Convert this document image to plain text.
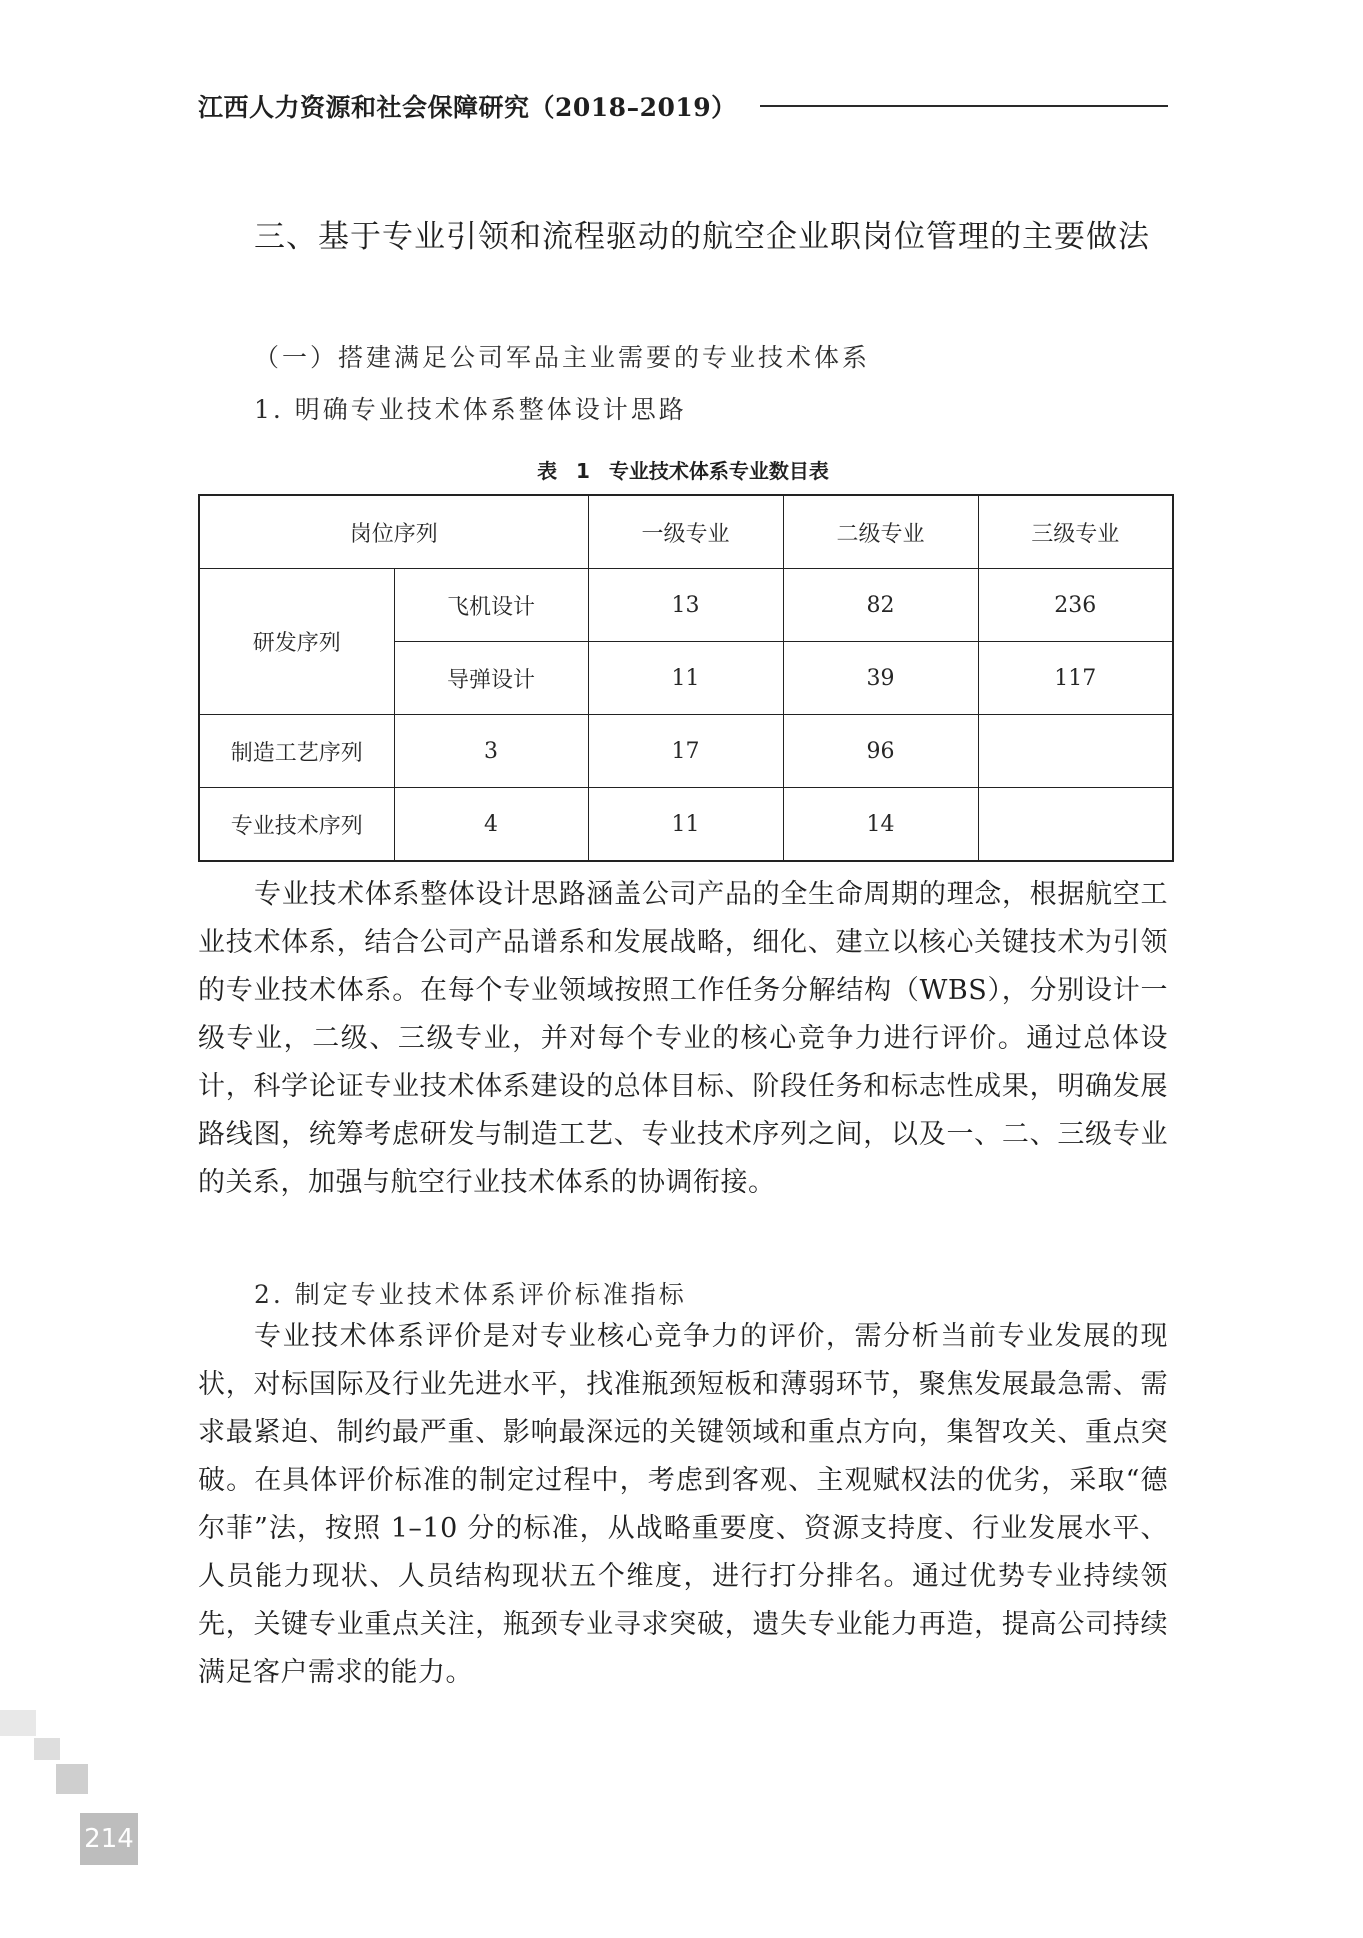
江西人力资源和社会保障研究（2018–2019）
三、基于专业引领和流程驱动的航空企业职岗位管理的主要做法
（一）搭建满足公司军品主业需要的专业技术体系
1. 明确专业技术体系整体设计思路
表 1 专业技术体系专业数目表
岗位序列		一级专业	二级专业	三级专业
研发序列	飞机设计	13	82	236
	导弹设计	11	39	117
制造工艺序列	3	17	96	
专业技术序列	4	11	14	
专业技术体系整体设计思路涵盖公司产品的全生命周期的理念，根据航空工业技术体系，结合公司产品谱系和发展战略，细化、建立以核心关键技术为引领的专业技术体系。在每个专业领域按照工作任务分解结构（WBS），分别设计一级专业，二级、三级专业，并对每个专业的核心竞争力进行评价。通过总体设计，科学论证专业技术体系建设的总体目标、阶段任务和标志性成果，明确发展路线图，统筹考虑研发与制造工艺、专业技术序列之间，以及一、二、三级专业的关系，加强与航空行业技术体系的协调衔接。
2. 制定专业技术体系评价标准指标
专业技术体系评价是对专业核心竞争力的评价，需分析当前专业发展的现状，对标国际及行业先进水平，找准瓶颈短板和薄弱环节，聚焦发展最急需、需求最紧迫、制约最严重、影响最深远的关键领域和重点方向，集智攻关、重点突破。在具体评价标准的制定过程中，考虑到客观、主观赋权法的优劣，采取“德尔菲”法，按照 1–10 分的标准，从战略重要度、资源支持度、行业发展水平、人员能力现状、人员结构现状五个维度，进行打分排名。通过优势专业持续领先，关键专业重点关注，瓶颈专业寻求突破，遗失专业能力再造，提高公司持续满足客户需求的能力。
214
